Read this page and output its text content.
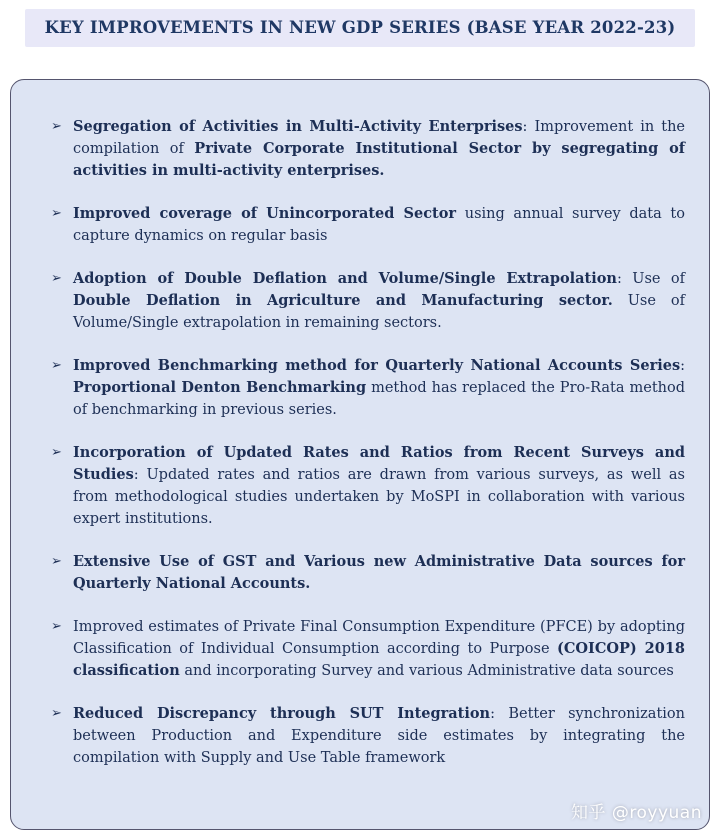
KEY IMPROVEMENTS IN NEW GDP SERIES (BASE YEAR 2022-23)
➢ Segregation of Activities in Multi-Activity Enterprises: Improvement in the compilation of Private Corporate Institutional Sector by segregating of activities in multi-activity enterprises.
➢ Improved coverage of Unincorporated Sector using annual survey data to capture dynamics on regular basis
➢ Adoption of Double Deflation and Volume/Single Extrapolation: Use of Double Deflation in Agriculture and Manufacturing sector. Use of Volume/Single extrapolation in remaining sectors.
➢ Improved Benchmarking method for Quarterly National Accounts Series: Proportional Denton Benchmarking method has replaced the Pro-Rata method of benchmarking in previous series.
➢ Incorporation of Updated Rates and Ratios from Recent Surveys and Studies: Updated rates and ratios are drawn from various surveys, as well as from methodological studies undertaken by MoSPI in collaboration with various expert institutions.
➢ Extensive Use of GST and Various new Administrative Data sources for Quarterly National Accounts.
➢ Improved estimates of Private Final Consumption Expenditure (PFCE) by adopting Classification of Individual Consumption according to Purpose (COICOP) 2018 classification and incorporating Survey and various Administrative data sources
➢ Reduced Discrepancy through SUT Integration: Better synchronization between Production and Expenditure side estimates by integrating the compilation with Supply and Use Table framework
知乎 @royyuan
